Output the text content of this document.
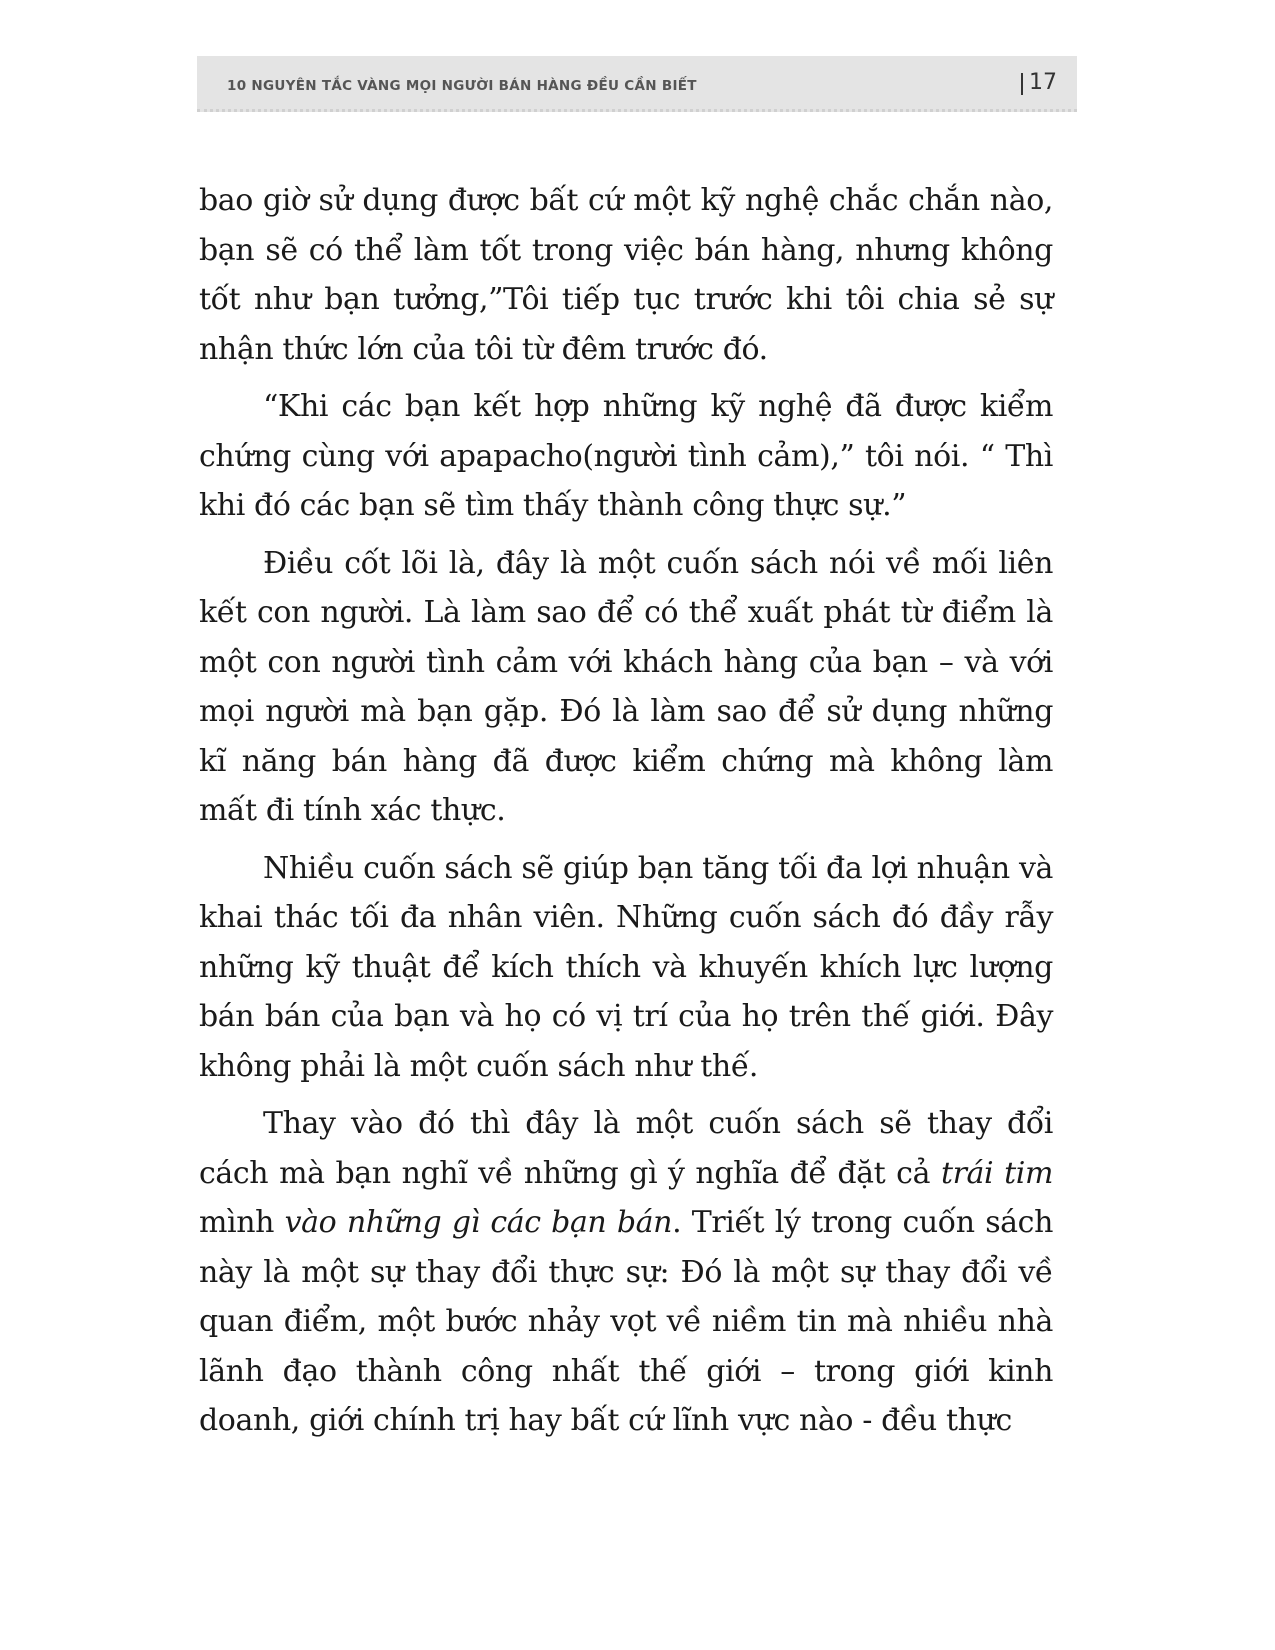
10 NGUYÊN TẮC VÀNG MỌI NGƯỜI BÁN HÀNG ĐỀU CẦN BIẾT	17

bao giờ sử dụng được bất cứ một kỹ nghệ chắc chắn nào, bạn sẽ có thể làm tốt trong việc bán hàng, nhưng không tốt như bạn tưởng,”Tôi tiếp tục trước khi tôi chia sẻ sự nhận thức lớn của tôi từ đêm trước đó.

“Khi các bạn kết hợp những kỹ nghệ đã được kiểm chứng cùng với apapacho(người tình cảm),” tôi nói. “ Thì khi đó các bạn sẽ tìm thấy thành công thực sự.”

Điều cốt lõi là, đây là một cuốn sách nói về mối liên kết con người. Là làm sao để có thể xuất phát từ điểm là một con người tình cảm với khách hàng của bạn – và với mọi người mà bạn gặp. Đó là làm sao để sử dụng những kĩ năng bán hàng đã được kiểm chứng mà không làm mất đi tính xác thực.

Nhiều cuốn sách sẽ giúp bạn tăng tối đa lợi nhuận và khai thác tối đa nhân viên. Những cuốn sách đó đầy rẫy những kỹ thuật để kích thích và khuyến khích lực lượng bán bán của bạn và họ có vị trí của họ trên thế giới. Đây không phải là một cuốn sách như thế.

Thay vào đó thì đây là một cuốn sách sẽ thay đổi cách mà bạn nghĩ về những gì ý nghĩa để đặt cả trái tim mình vào những gì các bạn bán. Triết lý trong cuốn sách này là một sự thay đổi thực sự: Đó là một sự thay đổi về quan điểm, một bước nhảy vọt về niềm tin mà nhiều nhà lãnh đạo thành công nhất thế giới – trong giới kinh doanh, giới chính trị hay bất cứ lĩnh vực nào - đều thực
